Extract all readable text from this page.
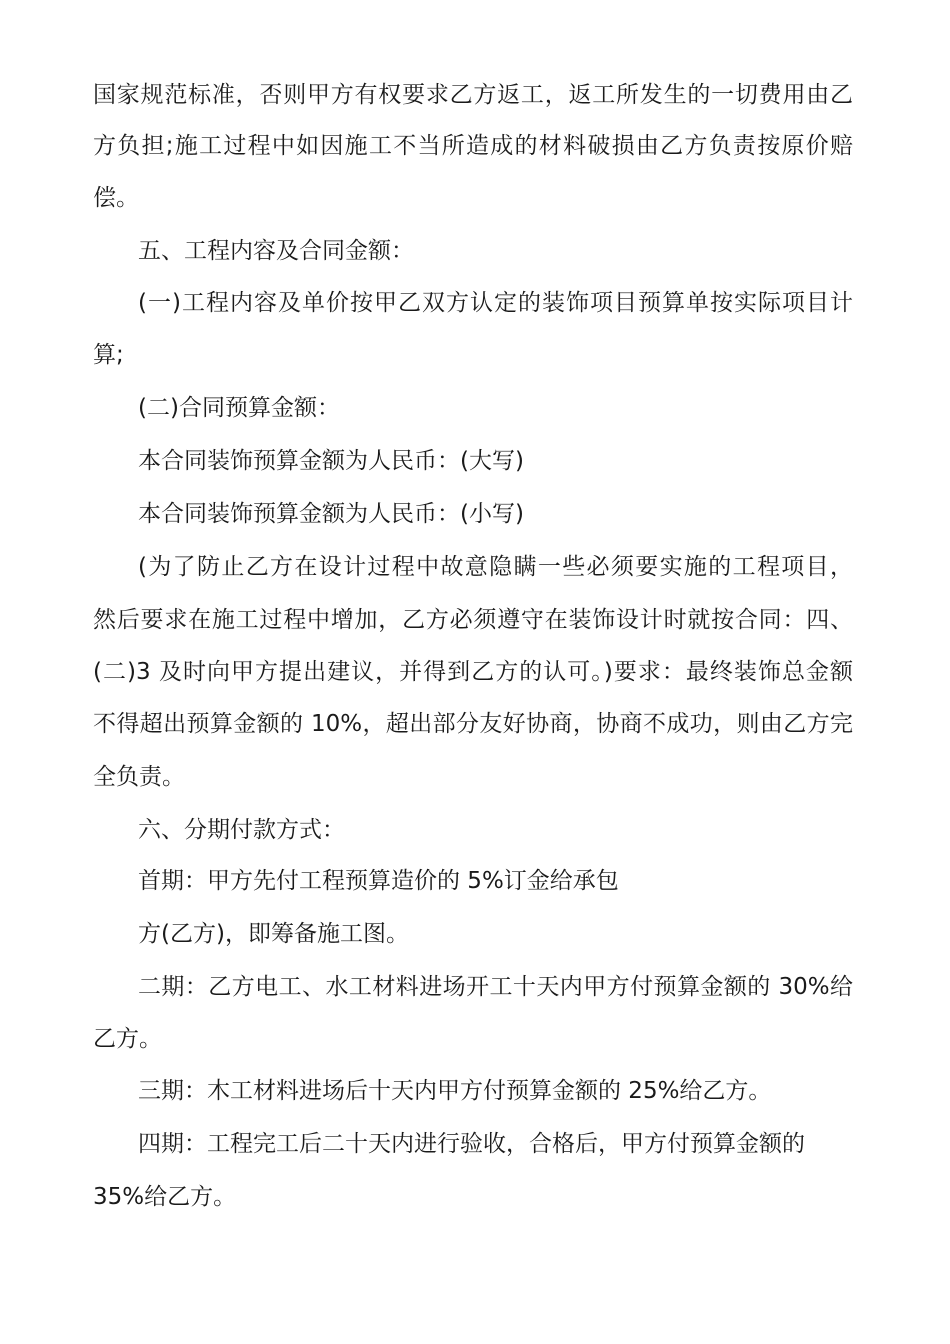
国家规范标准，否则甲方有权要求乙方返工，返工所发生的一切费用由乙

方负担;施工过程中如因施工不当所造成的材料破损由乙方负责按原价赔

偿。

五、工程内容及合同金额：

(一)工程内容及单价按甲乙双方认定的装饰项目预算单按实际项目计

算;

(二)合同预算金额：

本合同装饰预算金额为人民币：(大写)

本合同装饰预算金额为人民币：(小写)

(为了防止乙方在设计过程中故意隐瞒一些必须要实施的工程项目，

然后要求在施工过程中增加，乙方必须遵守在装饰设计时就按合同：四、

(二)3 及时向甲方提出建议，并得到乙方的认可。)要求：最终装饰总金额

不得超出预算金额的 10%，超出部分友好协商，协商不成功，则由乙方完

全负责。

六、分期付款方式：

首期：甲方先付工程预算造价的 5%订金给承包

方(乙方)，即筹备施工图。

二期：乙方电工、水工材料进场开工十天内甲方付预算金额的 30%给

乙方。

三期：木工材料进场后十天内甲方付预算金额的 25%给乙方。

四期：工程完工后二十天内进行验收，合格后，甲方付预算金额的

35%给乙方。
